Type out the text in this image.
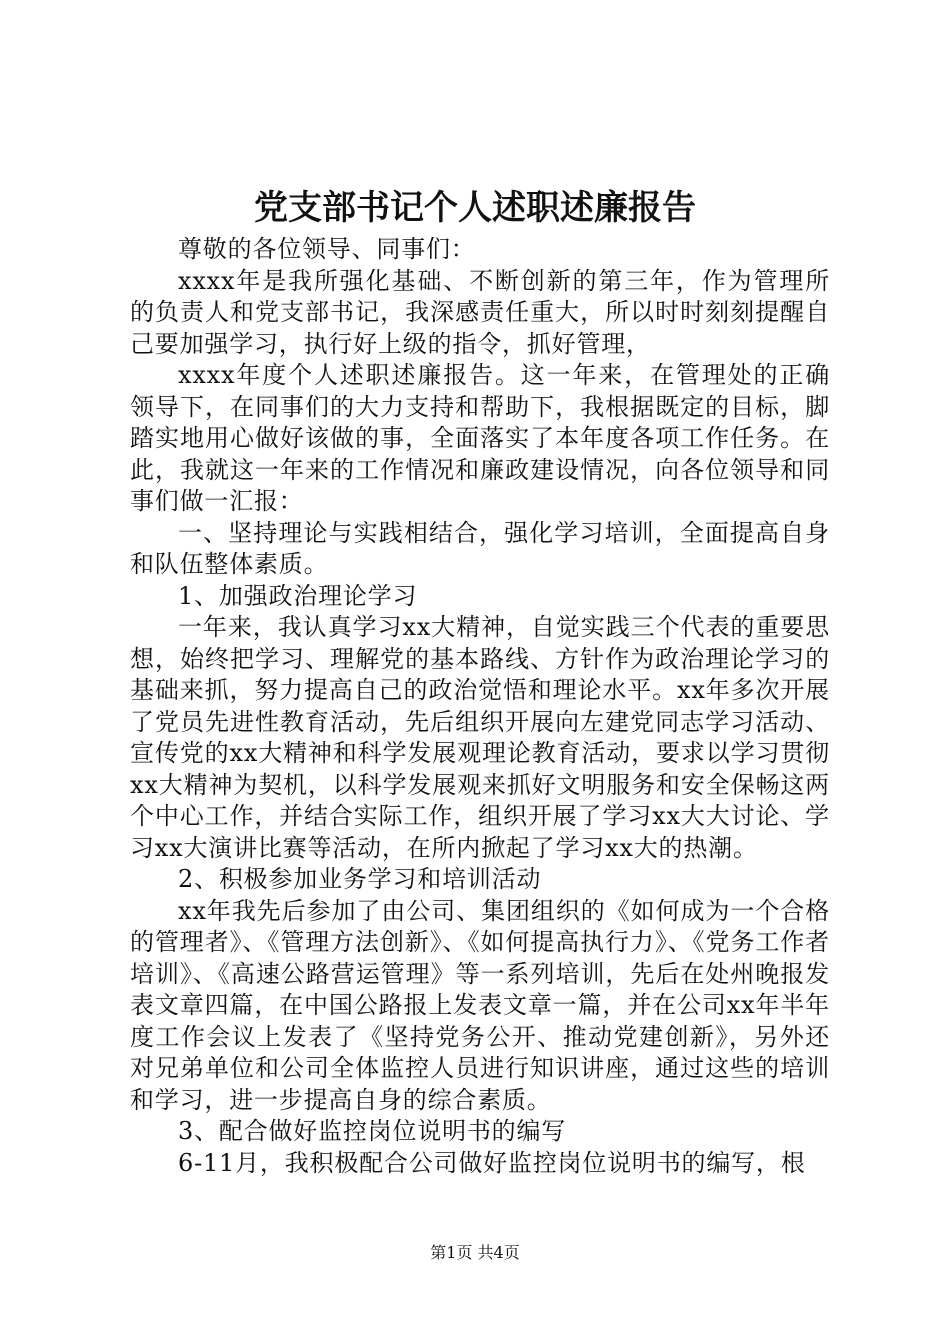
党支部书记个人述职述廉报告

尊敬的各位领导、同事们：

xxxx年是我所强化基础、不断创新的第三年，作为管理所的负责人和党支部书记，我深感责任重大，所以时时刻刻提醒自己要加强学习，执行好上级的指令，抓好管理，

xxxx年度个人述职述廉报告。这一年来，在管理处的正确领导下，在同事们的大力支持和帮助下，我根据既定的目标，脚踏实地用心做好该做的事，全面落实了本年度各项工作任务。在此，我就这一年来的工作情况和廉政建设情况，向各位领导和同事们做一汇报：

一、坚持理论与实践相结合，强化学习培训，全面提高自身和队伍整体素质。

1、加强政治理论学习

一年来，我认真学习xx大精神，自觉实践三个代表的重要思想，始终把学习、理解党的基本路线、方针作为政治理论学习的基础来抓，努力提高自己的政治觉悟和理论水平。xx年多次开展了党员先进性教育活动，先后组织开展向左建党同志学习活动、宣传党的xx大精神和科学发展观理论教育活动，要求以学习贯彻xx大精神为契机，以科学发展观来抓好文明服务和安全保畅这两个中心工作，并结合实际工作，组织开展了学习xx大大讨论、学习xx大演讲比赛等活动，在所内掀起了学习xx大的热潮。

2、积极参加业务学习和培训活动

xx年我先后参加了由公司、集团组织的《如何成为一个合格的管理者》、《管理方法创新》、《如何提高执行力》、《党务工作者培训》、《高速公路营运管理》等一系列培训，先后在处州晚报发表文章四篇，在中国公路报上发表文章一篇，并在公司xx年半年度工作会议上发表了《坚持党务公开、推动党建创新》，另外还对兄弟单位和公司全体监控人员进行知识讲座，通过这些的培训和学习，进一步提高自身的综合素质。

3、配合做好监控岗位说明书的编写

6-11月，我积极配合公司做好监控岗位说明书的编写，根

第1页 共4页
